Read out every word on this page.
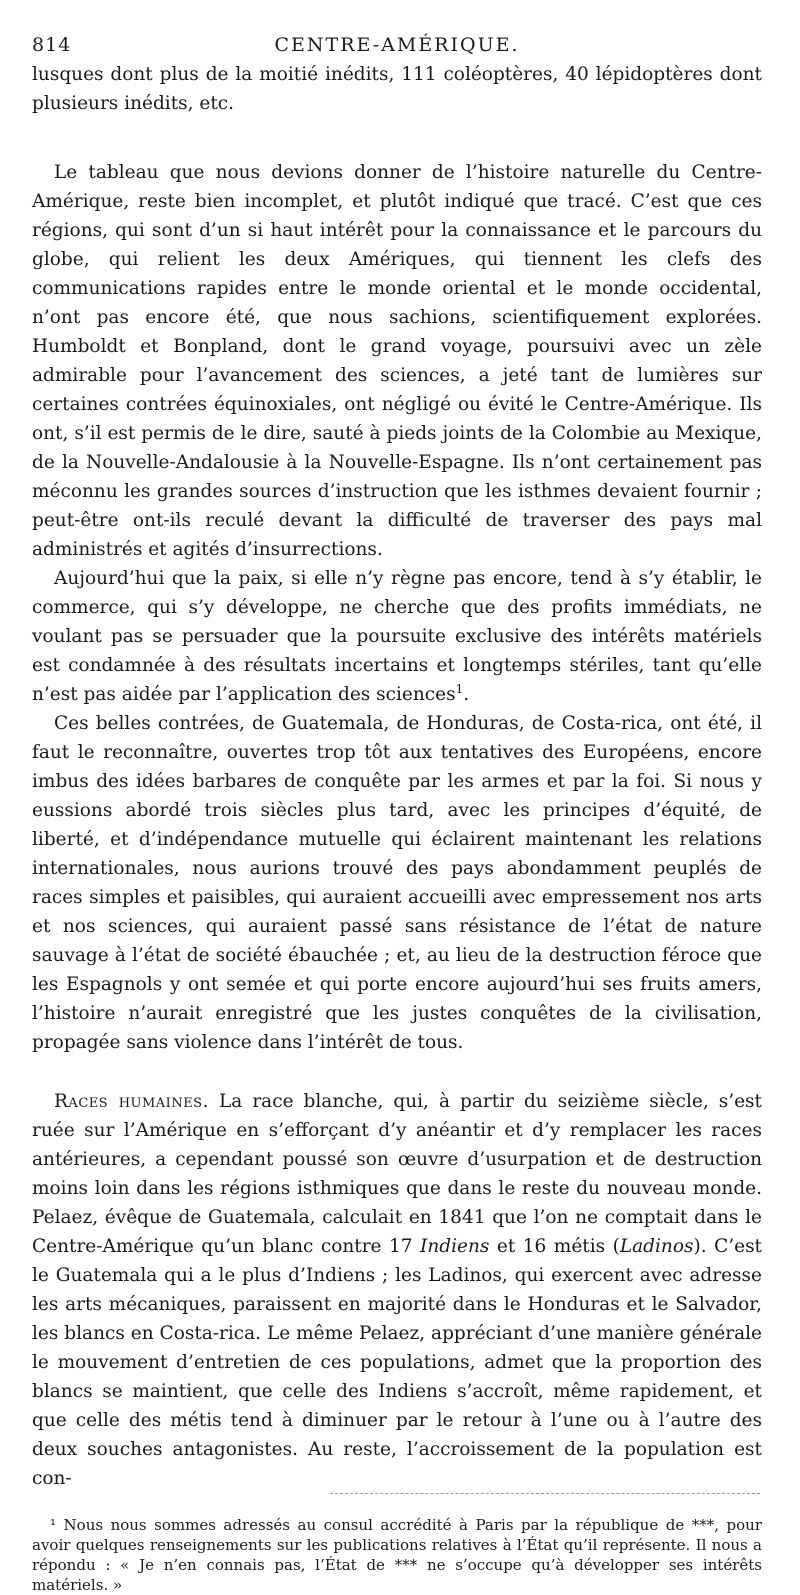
814	CENTRE-AMÉRIQUE.

lusques dont plus de la moitié inédits, 111 coléoptères, 40 lépidoptères dont plusieurs inédits, etc.

Le tableau que nous devions donner de l’histoire naturelle du Centre-Amérique, reste bien incomplet, et plutôt indiqué que tracé. C’est que ces régions, qui sont d’un si haut intérêt pour la connaissance et le parcours du globe, qui relient les deux Amériques, qui tiennent les clefs des communications rapides entre le monde oriental et le monde occidental, n’ont pas encore été, que nous sachions, scientifiquement explorées. Humboldt et Bonpland, dont le grand voyage, poursuivi avec un zèle admirable pour l’avancement des sciences, a jeté tant de lumières sur certaines contrées équinoxiales, ont négligé ou évité le Centre-Amérique. Ils ont, s’il est permis de le dire, sauté à pieds joints de la Colombie au Mexique, de la Nouvelle-Andalousie à la Nouvelle-Espagne. Ils n’ont certainement pas méconnu les grandes sources d’instruction que les isthmes devaient fournir ; peut-être ont-ils reculé devant la difficulté de traverser des pays mal administrés et agités d’insurrections.

Aujourd’hui que la paix, si elle n’y règne pas encore, tend à s’y établir, le commerce, qui s’y développe, ne cherche que des profits immédiats, ne voulant pas se persuader que la poursuite exclusive des intérêts matériels est condamnée à des résultats incertains et longtemps stériles, tant qu’elle n’est pas aidée par l’application des sciences$^1$.

Ces belles contrées, de Guatemala, de Honduras, de Costa-rica, ont été, il faut le reconnaître, ouvertes trop tôt aux tentatives des Européens, encore imbus des idées barbares de conquête par les armes et par la foi. Si nous y eussions abordé trois siècles plus tard, avec les principes d’équité, de liberté, et d’indépendance mutuelle qui éclairent maintenant les relations internationales, nous aurions trouvé des pays abondamment peuplés de races simples et paisibles, qui auraient accueilli avec empressement nos arts et nos sciences, qui auraient passé sans résistance de l’état de nature sauvage à l’état de société ébauchée ; et, au lieu de la destruction féroce que les Espagnols y ont semée et qui porte encore aujourd’hui ses fruits amers, l’histoire n’aurait enregistré que les justes conquêtes de la civilisation, propagée sans violence dans l’intérêt de tous.

Races humaines. La race blanche, qui, à partir du seizième siècle, s’est ruée sur l’Amérique en s’efforçant d’y anéantir et d’y remplacer les races antérieures, a cependant poussé son œuvre d’usurpation et de destruction moins loin dans les régions isthmiques que dans le reste du nouveau monde. Pelaez, évêque de Guatemala, calculait en 1841 que l’on ne comptait dans le Centre-Amérique qu’un blanc contre 17 Indiens et 16 métis (Ladinos). C’est le Guatemala qui a le plus d’Indiens ; les Ladinos, qui exercent avec adresse les arts mécaniques, paraissent en majorité dans le Honduras et le Salvador, les blancs en Costa-rica. Le même Pelaez, appréciant d’une manière générale le mouvement d’entretien de ces populations, admet que la proportion des blancs se maintient, que celle des Indiens s’accroît, même rapidement, et que celle des métis tend à diminuer par le retour à l’une ou à l’autre des deux souches antagonistes. Au reste, l’accroissement de la population est con-

¹ Nous nous sommes adressés au consul accrédité à Paris par la république de ***, pour avoir quelques renseignements sur les publications relatives à l’État qu’il représente. Il nous a répondu : « Je n’en connais pas, l’État de *** ne s’occupe qu’à développer ses intérêts matériels. »
